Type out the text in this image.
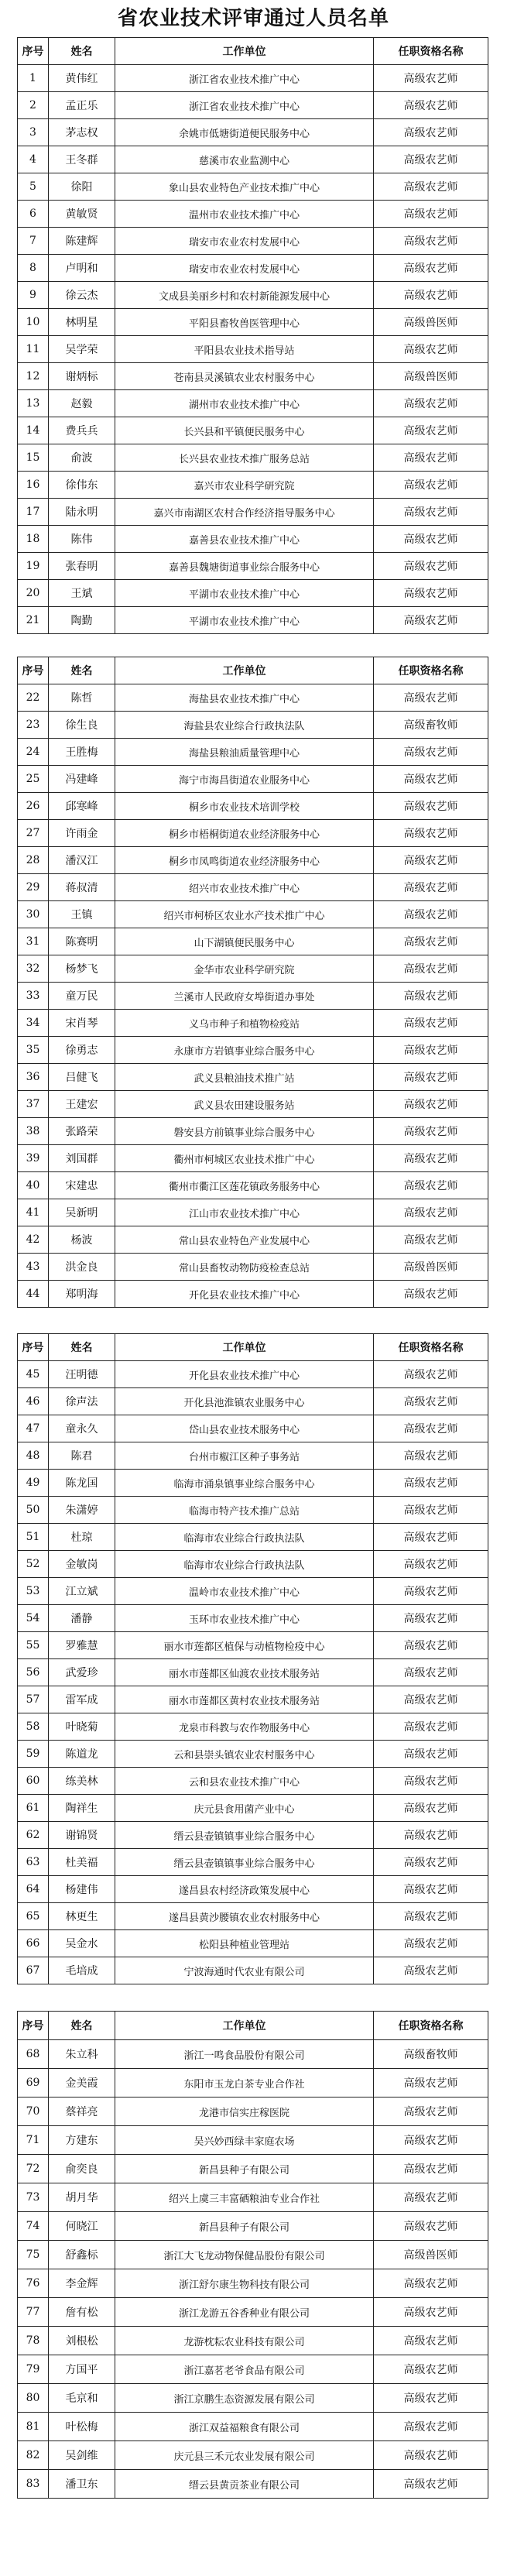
省农业技术评审通过人员名单
序号	姓名	工作单位	任职资格名称
1	黄伟红	浙江省农业技术推广中心	高级农艺师
2	孟正乐	浙江省农业技术推广中心	高级农艺师
3	茅志权	余姚市低塘街道便民服务中心	高级农艺师
4	王冬群	慈溪市农业监测中心	高级农艺师
5	徐阳	象山县农业特色产业技术推广中心	高级农艺师
6	黄敏贤	温州市农业技术推广中心	高级农艺师
7	陈建辉	瑞安市农业农村发展中心	高级农艺师
8	卢明和	瑞安市农业农村发展中心	高级农艺师
9	徐云杰	文成县美丽乡村和农村新能源发展中心	高级农艺师
10	林明星	平阳县畜牧兽医管理中心	高级兽医师
11	吴学荣	平阳县农业技术指导站	高级农艺师
12	谢炳标	苍南县灵溪镇农业农村服务中心	高级兽医师
13	赵毅	湖州市农业技术推广中心	高级农艺师
14	费兵兵	长兴县和平镇便民服务中心	高级农艺师
15	俞波	长兴县农业技术推广服务总站	高级农艺师
16	徐伟东	嘉兴市农业科学研究院	高级农艺师
17	陆永明	嘉兴市南湖区农村合作经济指导服务中心	高级农艺师
18	陈伟	嘉善县农业技术推广中心	高级农艺师
19	张春明	嘉善县魏塘街道事业综合服务中心	高级农艺师
20	王斌	平湖市农业技术推广中心	高级农艺师
21	陶勤	平湖市农业技术推广中心	高级农艺师
序号	姓名	工作单位	任职资格名称
22	陈哲	海盐县农业技术推广中心	高级农艺师
23	徐生良	海盐县农业综合行政执法队	高级畜牧师
24	王胜梅	海盐县粮油质量管理中心	高级农艺师
25	冯建峰	海宁市海昌街道农业服务中心	高级农艺师
26	邱寒峰	桐乡市农业技术培训学校	高级农艺师
27	许雨金	桐乡市梧桐街道农业经济服务中心	高级农艺师
28	潘汉江	桐乡市凤鸣街道农业经济服务中心	高级农艺师
29	蒋叔清	绍兴市农业技术推广中心	高级农艺师
30	王镇	绍兴市柯桥区农业水产技术推广中心	高级农艺师
31	陈赛明	山下湖镇便民服务中心	高级农艺师
32	杨梦飞	金华市农业科学研究院	高级农艺师
33	童万民	兰溪市人民政府女埠街道办事处	高级农艺师
34	宋肖琴	义乌市种子和植物检疫站	高级农艺师
35	徐勇志	永康市方岩镇事业综合服务中心	高级农艺师
36	吕健飞	武义县粮油技术推广站	高级农艺师
37	王建宏	武义县农田建设服务站	高级农艺师
38	张路荣	磐安县方前镇事业综合服务中心	高级农艺师
39	刘国群	衢州市柯城区农业技术推广中心	高级农艺师
40	宋建忠	衢州市衢江区莲花镇政务服务中心	高级农艺师
41	吴新明	江山市农业技术推广中心	高级农艺师
42	杨波	常山县农业特色产业发展中心	高级农艺师
43	洪金良	常山县畜牧动物防疫检查总站	高级兽医师
44	郑明海	开化县农业技术推广中心	高级农艺师
序号	姓名	工作单位	任职资格名称
45	汪明德	开化县农业技术推广中心	高级农艺师
46	徐声法	开化县池淮镇农业服务中心	高级农艺师
47	童永久	岱山县农业技术服务中心	高级农艺师
48	陈君	台州市椒江区种子事务站	高级农艺师
49	陈龙国	临海市涌泉镇事业综合服务中心	高级农艺师
50	朱潇婷	临海市特产技术推广总站	高级农艺师
51	杜琼	临海市农业综合行政执法队	高级农艺师
52	金敏岗	临海市农业综合行政执法队	高级农艺师
53	江立斌	温岭市农业技术推广中心	高级农艺师
54	潘静	玉环市农业技术推广中心	高级农艺师
55	罗雅慧	丽水市莲都区植保与动植物检疫中心	高级农艺师
56	武爱珍	丽水市莲都区仙渡农业技术服务站	高级农艺师
57	雷军成	丽水市莲都区黄村农业技术服务站	高级农艺师
58	叶晓菊	龙泉市科教与农作物服务中心	高级农艺师
59	陈道龙	云和县崇头镇农业农村服务中心	高级农艺师
60	练美林	云和县农业技术推广中心	高级农艺师
61	陶祥生	庆元县食用菌产业中心	高级农艺师
62	谢锦贤	缙云县壶镇镇事业综合服务中心	高级农艺师
63	杜美福	缙云县壶镇镇事业综合服务中心	高级农艺师
64	杨建伟	遂昌县农村经济政策发展中心	高级农艺师
65	林更生	遂昌县黄沙腰镇农业农村服务中心	高级农艺师
66	吴金水	松阳县种植业管理站	高级农艺师
67	毛培成	宁波海通时代农业有限公司	高级农艺师
序号	姓名	工作单位	任职资格名称
68	朱立科	浙江一鸣食品股份有限公司	高级畜牧师
69	金美霞	东阳市玉龙白茶专业合作社	高级农艺师
70	蔡祥亮	龙港市信实庄稼医院	高级农艺师
71	方建东	吴兴妙西绿丰家庭农场	高级农艺师
72	俞奕良	新昌县种子有限公司	高级农艺师
73	胡月华	绍兴上虞三丰富硒粮油专业合作社	高级农艺师
74	何晓江	新昌县种子有限公司	高级农艺师
75	舒鑫标	浙江大飞龙动物保健品股份有限公司	高级兽医师
76	李金辉	浙江舒尔康生物科技有限公司	高级农艺师
77	詹有松	浙江龙游五谷香种业有限公司	高级农艺师
78	刘根松	龙游枕耘农业科技有限公司	高级农艺师
79	方国平	浙江嘉茗老爷食品有限公司	高级农艺师
80	毛京和	浙江京鹏生态资源发展有限公司	高级农艺师
81	叶松梅	浙江双益福粮食有限公司	高级农艺师
82	吴剑维	庆元县三禾元农业发展有限公司	高级农艺师
83	潘卫东	缙云县黄贡茶业有限公司	高级农艺师
